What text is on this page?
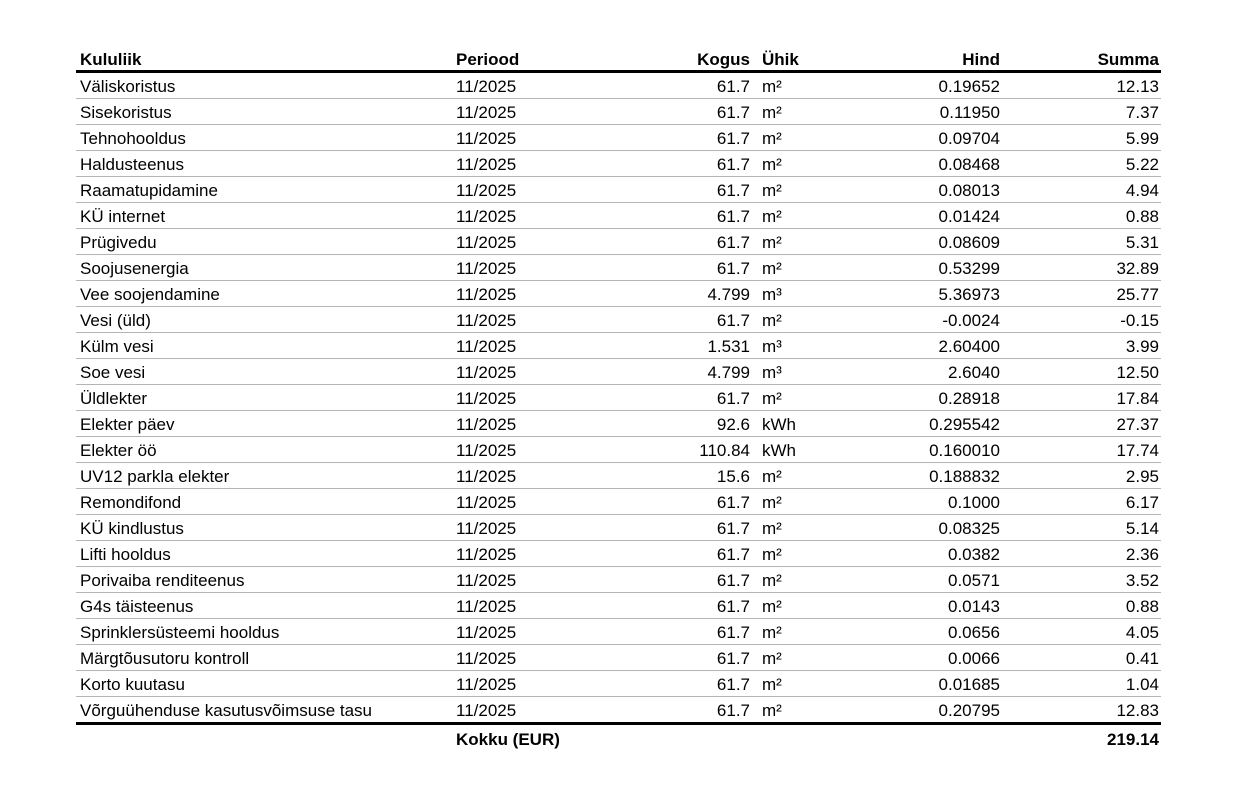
Kululiik	Periood	Kogus	Ühik	Hind	Summa
Väliskoristus	11/2025	61.7	m²	0.19652	12.13
Sisekoristus	11/2025	61.7	m²	0.11950	7.37
Tehnohooldus	11/2025	61.7	m²	0.09704	5.99
Haldusteenus	11/2025	61.7	m²	0.08468	5.22
Raamatupidamine	11/2025	61.7	m²	0.08013	4.94
KÜ internet	11/2025	61.7	m²	0.01424	0.88
Prügivedu	11/2025	61.7	m²	0.08609	5.31
Soojusenergia	11/2025	61.7	m²	0.53299	32.89
Vee soojendamine	11/2025	4.799	m³	5.36973	25.77
Vesi (üld)	11/2025	61.7	m²	-0.0024	-0.15
Külm vesi	11/2025	1.531	m³	2.60400	3.99
Soe vesi	11/2025	4.799	m³	2.6040	12.50
Üldlekter	11/2025	61.7	m²	0.28918	17.84
Elekter päev	11/2025	92.6	kWh	0.295542	27.37
Elekter öö	11/2025	110.84	kWh	0.160010	17.74
UV12 parkla elekter	11/2025	15.6	m²	0.188832	2.95
Remondifond	11/2025	61.7	m²	0.1000	6.17
KÜ kindlustus	11/2025	61.7	m²	0.08325	5.14
Lifti hooldus	11/2025	61.7	m²	0.0382	2.36
Porivaiba renditeenus	11/2025	61.7	m²	0.0571	3.52
G4s täisteenus	11/2025	61.7	m²	0.0143	0.88
Sprinklersüsteemi hooldus	11/2025	61.7	m²	0.0656	4.05
Märgtõusutoru kontroll	11/2025	61.7	m²	0.0066	0.41
Korto kuutasu	11/2025	61.7	m²	0.01685	1.04
Võrguühenduse kasutusvõimsuse tasu	11/2025	61.7	m²	0.20795	12.83
	Kokku (EUR)				219.14
